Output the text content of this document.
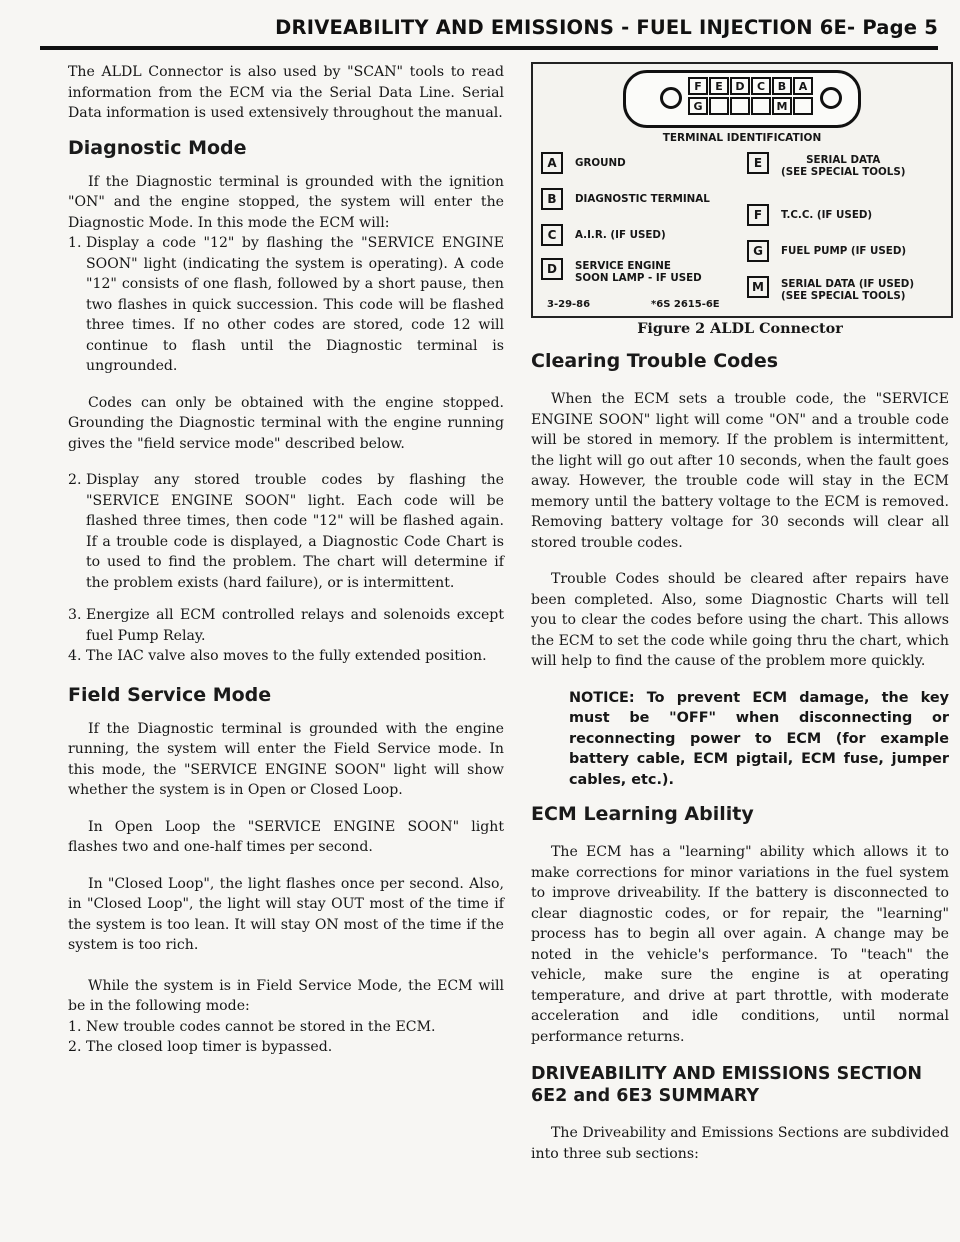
DRIVEABILITY AND EMISSIONS - FUEL INJECTION 6E- Page 5

The ALDL Connector is also used by "SCAN" tools to read information from the ECM via the Serial Data Line. Serial Data information is used extensively throughout the manual.

Diagnostic Mode

If the Diagnostic terminal is grounded with the ignition "ON" and the engine stopped, the system will enter the Diagnostic Mode. In this mode the ECM will:

1. Display a code "12" by flashing the "SERVICE ENGINE SOON" light (indicating the system is operating). A code "12" consists of one flash, followed by a short pause, then two flashes in quick succession. This code will be flashed three times. If no other codes are stored, code 12 will continue to flash until the Diagnostic terminal is ungrounded.

Codes can only be obtained with the engine stopped. Grounding the Diagnostic terminal with the engine running gives the "field service mode" described below.

2. Display any stored trouble codes by flashing the "SERVICE ENGINE SOON" light. Each code will be flashed three times, then code "12" will be flashed again. If a trouble code is displayed, a Diagnostic Code Chart is to used to find the problem. The chart will determine if the problem exists (hard failure), or is intermittent.
3. Energize all ECM controlled relays and solenoids except fuel Pump Relay.
4. The IAC valve also moves to the fully extended position.
Field Service Mode

If the Diagnostic terminal is grounded with the engine running, the system will enter the Field Service mode. In this mode, the "SERVICE ENGINE SOON" light will show whether the system is in Open or Closed Loop.

In Open Loop the "SERVICE ENGINE SOON" light flashes two and one-half times per second.

In "Closed Loop", the light flashes once per second. Also, in "Closed Loop", the light will stay OUT most of the time if the system is too lean. It will stay ON most of the time if the system is too rich.

While the system is in Field Service Mode, the ECM will be in the following mode:

1. New trouble codes cannot be stored in the ECM.
2. The closed loop timer is bypassed.
F	E	D	C	B	A
G	M
TERMINAL IDENTIFICATION
A	GROUND
B	DIAGNOSTIC TERMINAL
C	A.I.R. (IF USED)
D	SERVICE ENGINE
SOON LAMP - IF USED
E	SERIAL DATA
(SEE SPECIAL TOOLS)
F	T.C.C. (IF USED)
G	FUEL PUMP (IF USED)
M	SERIAL DATA (IF USED)
(SEE SPECIAL TOOLS)
3-29-86	*6S 2615-6E
Figure 2 ALDL Connector
Clearing Trouble Codes

When the ECM sets a trouble code, the "SERVICE ENGINE SOON" light will come "ON" and a trouble code will be stored in memory. If the problem is intermittent, the light will go out after 10 seconds, when the fault goes away. However, the trouble code will stay in the ECM memory until the battery voltage to the ECM is removed. Removing battery voltage for 30 seconds will clear all stored trouble codes.

Trouble Codes should be cleared after repairs have been completed. Also, some Diagnostic Charts will tell you to clear the codes before using the chart. This allows the ECM to set the code while going thru the chart, which will help to find the cause of the problem more quickly.

NOTICE: To prevent ECM damage, the key must be "OFF" when disconnecting or reconnecting power to ECM (for example battery cable, ECM pigtail, ECM fuse, jumper cables, etc.).
ECM Learning Ability

The ECM has a "learning" ability which allows it to make corrections for minor variations in the fuel system to improve driveability. If the battery is disconnected to clear diagnostic codes, or for repair, the "learning" process has to begin all over again. A change may be noted in the vehicle's performance. To "teach" the vehicle, make sure the engine is at operating temperature, and drive at part throttle, with moderate acceleration and idle conditions, until normal performance returns.

DRIVEABILITY AND EMISSIONS SECTION 6E2 and 6E3 SUMMARY

The Driveability and Emissions Sections are subdivided into three sub sections:
